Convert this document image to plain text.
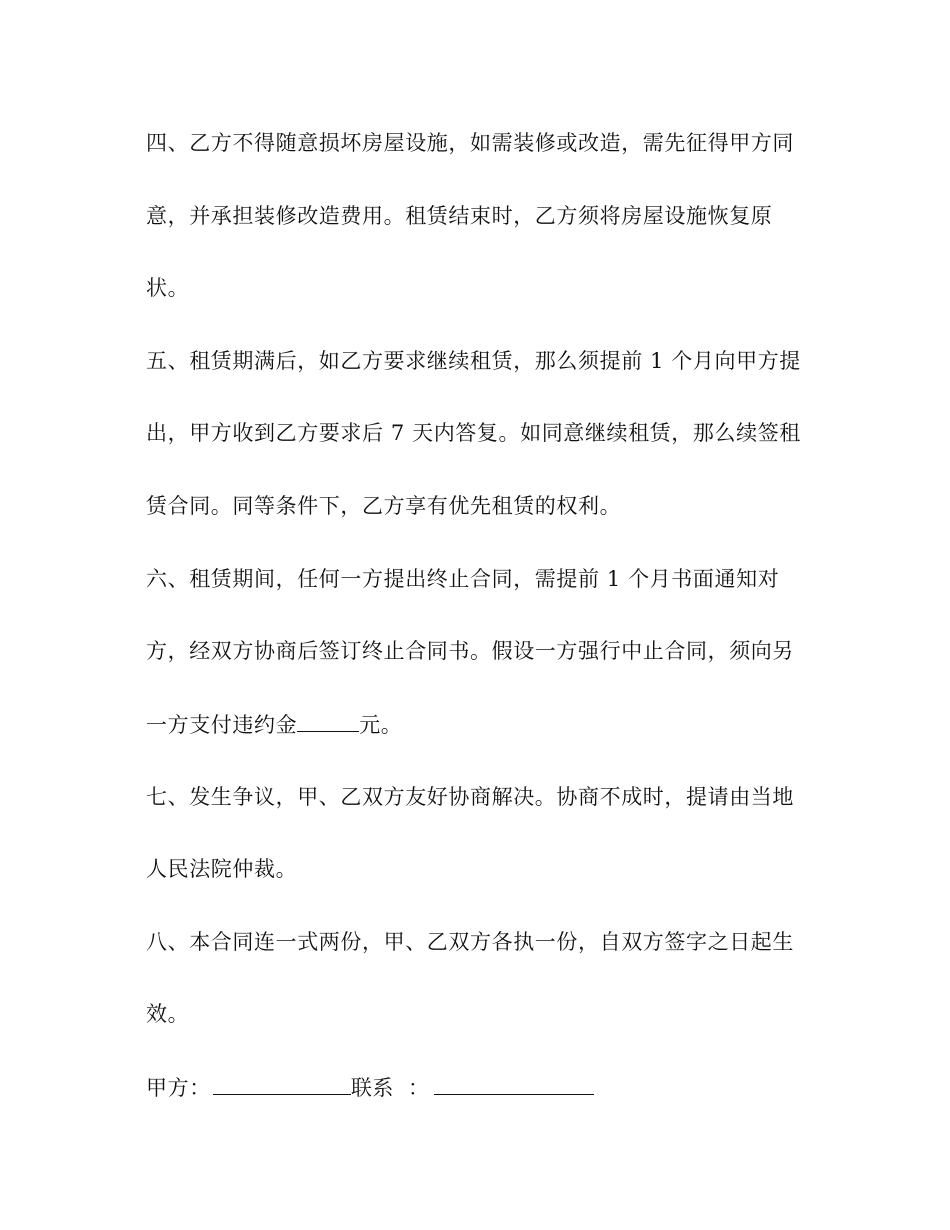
四、乙方不得随意损坏房屋设施，如需装修或改造，需先征得甲方同
意，并承担装修改造费用。租赁结束时，乙方须将房屋设施恢复原
状。
五、租赁期满后，如乙方要求继续租赁，那么须提前 1 个月向甲方提
出，甲方收到乙方要求后 7 天内答复。如同意继续租赁，那么续签租
赁合同。同等条件下，乙方享有优先租赁的权利。
六、租赁期间，任何一方提出终止合同，需提前 1 个月书面通知对
方，经双方协商后签订终止合同书。假设一方强行中止合同，须向另
一方支付违约金	元。
七、发生争议，甲、乙双方友好协商解决。协商不成时，提请由当地
人民法院仲裁。
八、本合同连一式两份，甲、乙双方各执一份，自双方签字之日起生
效。
甲方：	联系 ：
